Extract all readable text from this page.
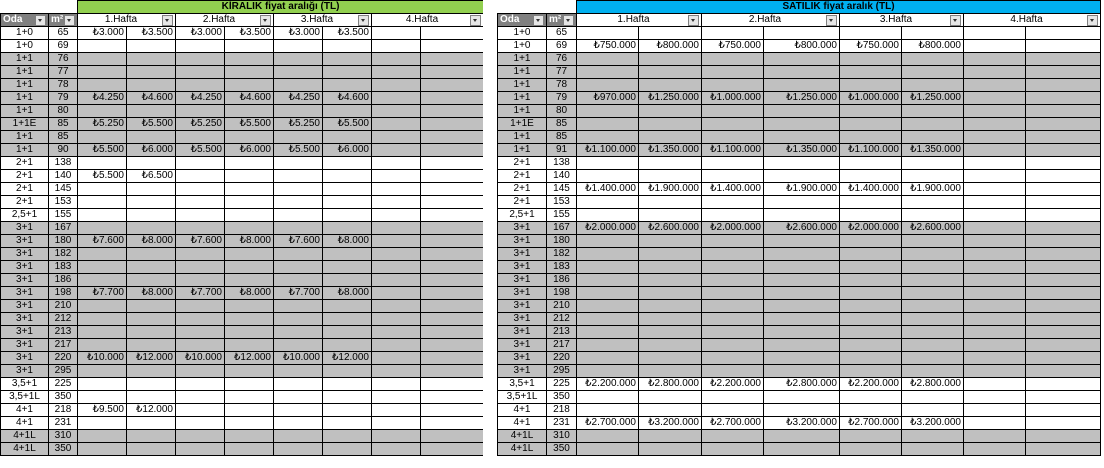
		KİRALIK fiyat aralığı (TL)							
Oda	m²	1.Hafta		2.Hafta		3.Hafta		4.Hafta	

1+0	65	₺3.000	₺3.500	₺3.000	₺3.500	₺3.000	₺3.500		
1+0	69								
1+1	76								
1+1	77								
1+1	78								
1+1	79	₺4.250	₺4.600	₺4.250	₺4.600	₺4.250	₺4.600		
1+1	80								
1+1E	85	₺5.250	₺5.500	₺5.250	₺5.500	₺5.250	₺5.500		
1+1	85								
1+1	90	₺5.500	₺6.000	₺5.500	₺6.000	₺5.500	₺6.000		
2+1	138								
2+1	140	₺5.500	₺6.500						
2+1	145								
2+1	153								
2,5+1	155								
3+1	167								
3+1	180	₺7.600	₺8.000	₺7.600	₺8.000	₺7.600	₺8.000		
3+1	182								
3+1	183								
3+1	186								
3+1	198	₺7.700	₺8.000	₺7.700	₺8.000	₺7.700	₺8.000		
3+1	210								
3+1	212								
3+1	213								
3+1	217								
3+1	220	₺10.000	₺12.000	₺10.000	₺12.000	₺10.000	₺12.000		
3+1	295								
3,5+1	225								
3,5+1L	350								
4+1	218	₺9.500	₺12.000						
4+1	231								
4+1L	310								
4+1L	350								
		SATILIK fiyat aralık (TL)							
Oda	m²	1.Hafta		2.Hafta		3.Hafta		4.Hafta	

1+0	65								
1+0	69	₺750.000	₺800.000	₺750.000	₺800.000	₺750.000	₺800.000		
1+1	76								
1+1	77								
1+1	78								
1+1	79	₺970.000	₺1.250.000	₺1.000.000	₺1.250.000	₺1.000.000	₺1.250.000		
1+1	80								
1+1E	85								
1+1	85								
1+1	91	₺1.100.000	₺1.350.000	₺1.100.000	₺1.350.000	₺1.100.000	₺1.350.000		
2+1	138								
2+1	140								
2+1	145	₺1.400.000	₺1.900.000	₺1.400.000	₺1.900.000	₺1.400.000	₺1.900.000		
2+1	153								
2,5+1	155								
3+1	167	₺2.000.000	₺2.600.000	₺2.000.000	₺2.600.000	₺2.000.000	₺2.600.000		
3+1	180								
3+1	182								
3+1	183								
3+1	186								
3+1	198								
3+1	210								
3+1	212								
3+1	213								
3+1	217								
3+1	220								
3+1	295								
3,5+1	225	₺2.200.000	₺2.800.000	₺2.200.000	₺2.800.000	₺2.200.000	₺2.800.000		
3,5+1L	350								
4+1	218								
4+1	231	₺2.700.000	₺3.200.000	₺2.700.000	₺3.200.000	₺2.700.000	₺3.200.000		
4+1L	310								
4+1L	350								
